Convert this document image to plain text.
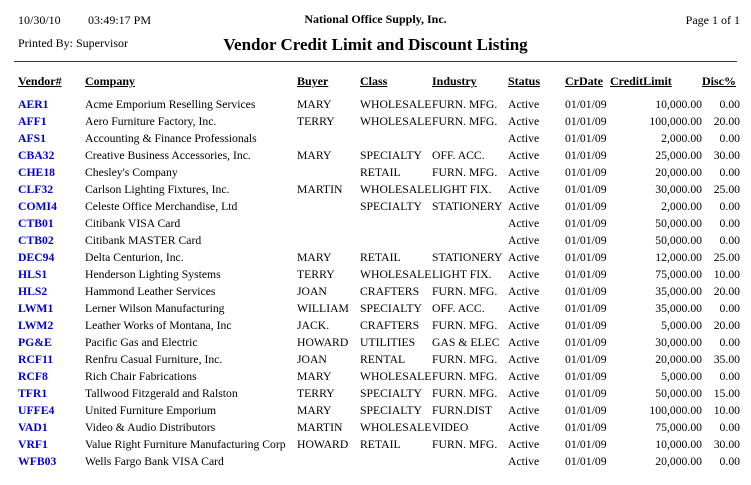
10/30/10 03:49:17 PM	National Office Supply, Inc.	Page 1 of 1
Printed By: Supervisor	Vendor Credit Limit and Discount Listing
Vendor#	Company	Buyer	Class	Industry	Status	CrDate	CreditLimit	Disc%
AER1	Acme Emporium Reselling Services	MARY	WHOLESALE	FURN. MFG.	Active	01/01/09	10,000.00	0.00
AFF1	Aero Furniture Factory, Inc.	TERRY	WHOLESALE	FURN. MFG.	Active	01/01/09	100,000.00	20.00
AFS1	Accounting & Finance Professionals				Active	01/01/09	2,000.00	0.00
CBA32	Creative Business Accessories, Inc.	MARY	SPECIALTY	OFF. ACC.	Active	01/01/09	25,000.00	30.00
CHE18	Chesley's Company		RETAIL	FURN. MFG.	Active	01/01/09	20,000.00	0.00
CLF32	Carlson Lighting Fixtures, Inc.	MARTIN	WHOLESALE	LIGHT FIX.	Active	01/01/09	30,000.00	25.00
COMI4	Celeste Office Merchandise, Ltd		SPECIALTY	STATIONERY	Active	01/01/09	2,000.00	0.00
CTB01	Citibank VISA Card				Active	01/01/09	50,000.00	0.00
CTB02	Citibank MASTER Card				Active	01/01/09	50,000.00	0.00
DEC94	Delta Centurion, Inc.	MARY	RETAIL	STATIONERY	Active	01/01/09	12,000.00	25.00
HLS1	Henderson Lighting Systems	TERRY	WHOLESALE	LIGHT FIX.	Active	01/01/09	75,000.00	10.00
HLS2	Hammond Leather Services	JOAN	CRAFTERS	FURN. MFG.	Active	01/01/09	35,000.00	20.00
LWM1	Lerner Wilson Manufacturing	WILLIAM	SPECIALTY	OFF. ACC.	Active	01/01/09	35,000.00	0.00
LWM2	Leather Works of Montana, Inc	JACK.	CRAFTERS	FURN. MFG.	Active	01/01/09	5,000.00	20.00
PG&E	Pacific Gas and Electric	HOWARD	UTILITIES	GAS & ELEC	Active	01/01/09	30,000.00	0.00
RCF11	Renfru Casual Furniture, Inc.	JOAN	RENTAL	FURN. MFG.	Active	01/01/09	20,000.00	35.00
RCF8	Rich Chair Fabrications	MARY	WHOLESALE	FURN. MFG.	Active	01/01/09	5,000.00	0.00
TFR1	Tallwood Fitzgerald and Ralston	TERRY	SPECIALTY	FURN. MFG.	Active	01/01/09	50,000.00	15.00
UFFE4	United Furniture Emporium	MARY	SPECIALTY	FURN.DIST	Active	01/01/09	100,000.00	10.00
VAD1	Video & Audio Distributors	MARTIN	WHOLESALE	VIDEO	Active	01/01/09	75,000.00	0.00
VRF1	Value Right Furniture Manufacturing Corp	HOWARD	RETAIL	FURN. MFG.	Active	01/01/09	10,000.00	30.00
WFB03	Wells Fargo Bank VISA Card				Active	01/01/09	20,000.00	0.00
